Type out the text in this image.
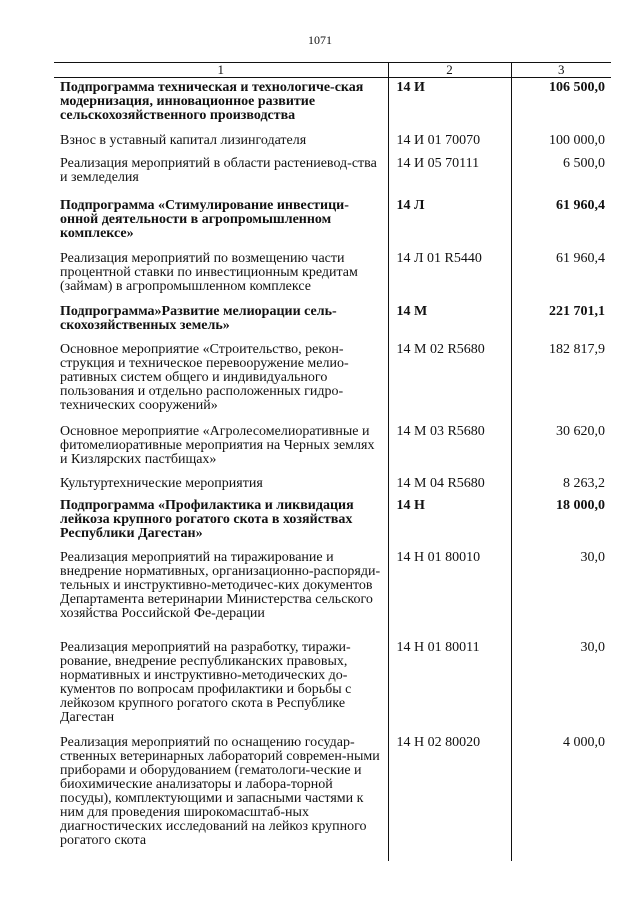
1071
1	2	3
Подпрограмма техническая и технологиче-ская модернизация, инновационное развитие сельскохозяйственного производства	14 И	106 500,0
Взнос в уставный капитал лизингодателя	14 И 01 70070	100 000,0
Реализация мероприятий в области растениевод-ства и земледелия	14 И 05 70111	6 500,0
Подпрограмма «Стимулирование инвестици-онной деятельности в агропромышленном комплексе»	14 Л	61 960,4
Реализация мероприятий по возмещению части процентной ставки по инвестиционным кредитам (займам) в агропромышленном комплексе	14 Л 01 R5440	61 960,4
Подпрограмма»Развитие мелиорации сель-скохозяйственных земель»	14 М	221 701,1
Основное мероприятие «Строительство, рекон-струкция и техническое перевооружение мелио-ративных систем общего и индивидуального пользования и отдельно расположенных гидро-технических сооружений»	14 М 02 R5680	182 817,9
Основное мероприятие «Агролесомелиоративные и фитомелиоративные мероприятия на Черных землях и Кизлярских пастбищах»	14 М 03 R5680	30 620,0
Культуртехнические мероприятия	14 М 04 R5680	8 263,2
Подпрограмма «Профилактика и ликвидация лейкоза крупного рогатого скота в хозяйствах Республики Дагестан»	14 Н	18 000,0
Реализация мероприятий на тиражирование и внедрение нормативных, организационно-распоряди-тельных и инструктивно-методичес-ких документов Департамента ветеринарии Министерства сельского хозяйства Российской Фе-дерации	14 Н 01 80010	30,0
Реализация мероприятий на разработку, тиражи-рование, внедрение республиканских правовых, нормативных и инструктивно-методических до-кументов по вопросам профилактики и борьбы с лейкозом крупного рогатого скота в Республике Дагестан	14 Н 01 80011	30,0
Реализация мероприятий по оснащению государ-ственных ветеринарных лабораторий современ-ными приборами и оборудованием (гематологи-ческие и биохимические анализаторы и лабора-торной посуды), комплектующими и запасными частями к ним для проведения широкомасштаб-ных диагностических исследований на лейкоз крупного рогатого скота	14 Н 02 80020	4 000,0
